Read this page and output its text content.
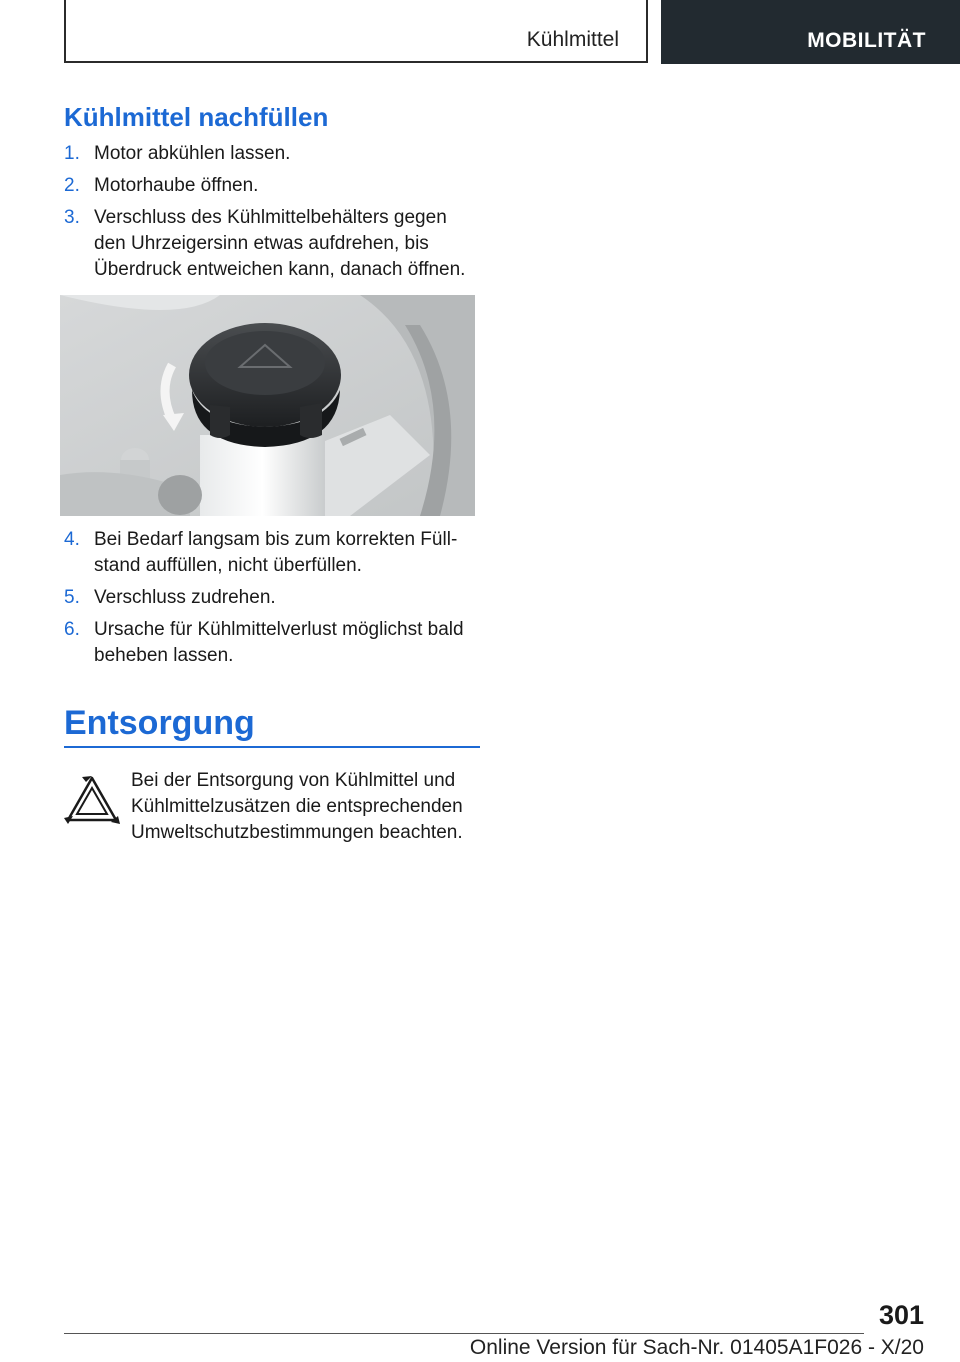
Kühlmittel	MOBILITÄT
Kühlmittel nachfüllen
1. Motor abkühlen lassen.
2. Motorhaube öffnen.
3. Verschluss des Kühlmittelbehälters gegen den Uhrzeigersinn etwas aufdrehen, bis Überdruck entweichen kann, danach öffnen.
4. Bei Bedarf langsam bis zum korrekten Füllstand auffüllen, nicht überfüllen.
5. Verschluss zudrehen.
6. Ursache für Kühlmittelverlust möglichst bald beheben lassen.
Entsorgung

Bei der Entsorgung von Kühlmittel und Kühlmittelzusätzen die entsprechenden Umweltschutzbestimmungen beachten.

301
Online Version für Sach-Nr. 01405A1F026 - X/20
